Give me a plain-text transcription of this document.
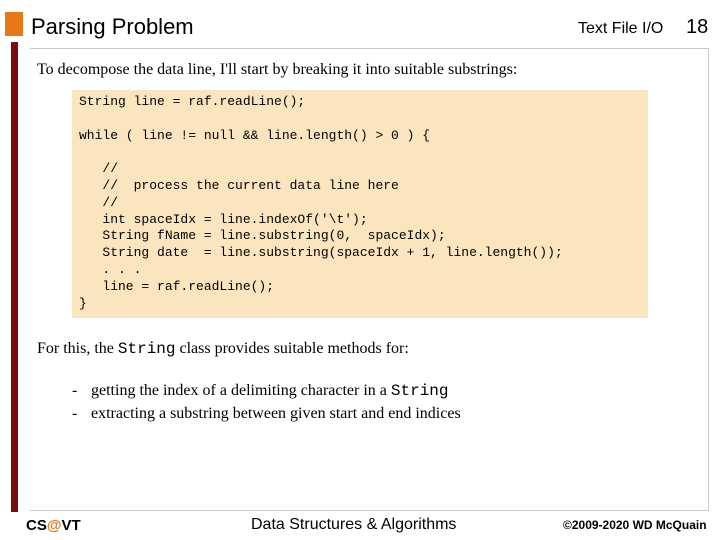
Parsing Problem	Text File I/O 18
To decompose the data line, I'll start by breaking it into suitable substrings:
String line = raf.readLine();

while ( line != null && line.length() > 0 ) {

//
//  process the current data line here
//
int spaceIdx = line.indexOf('\t');
String fName = line.substring(0,  spaceIdx);
String date  = line.substring(spaceIdx + 1, line.length());
. . .
line = raf.readLine();
}
For this, the String class provides suitable methods for:
- getting the index of a delimiting character in a String
- extracting a substring between given start and end indices
CS@VT	Data Structures & Algorithms	©2009-2020 WD McQuain
